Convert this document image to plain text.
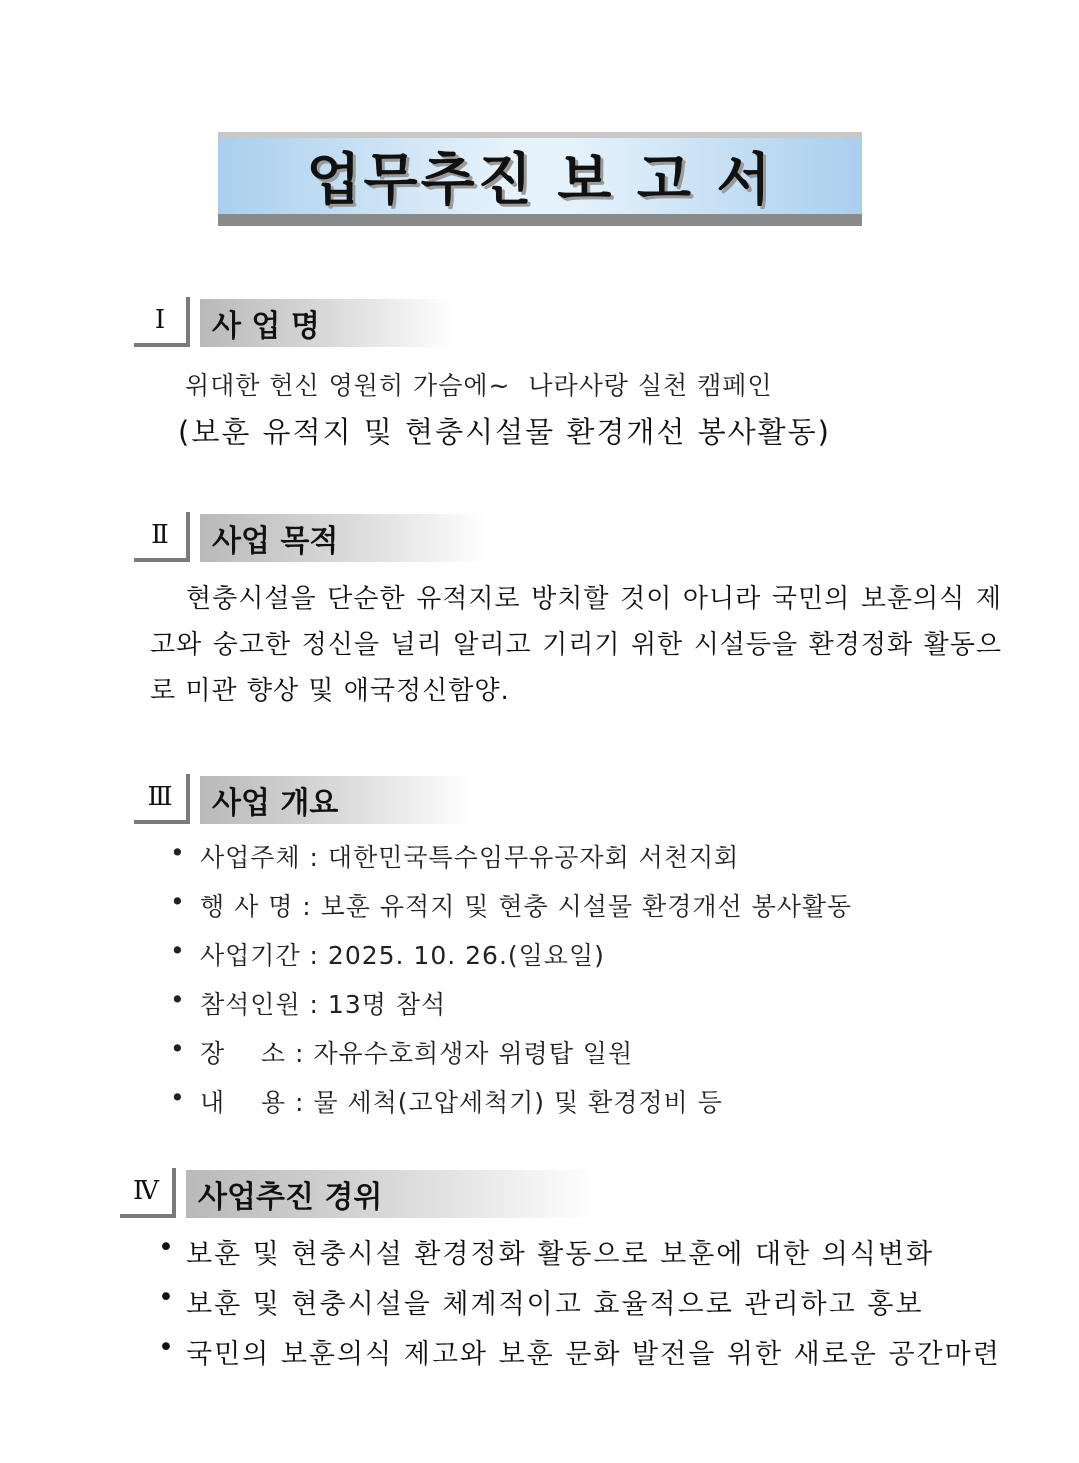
업무추진 보 고 서
Ⅰ	사 업 명
위대한 헌신 영원히 가슴에~  나라사랑 실천 캠페인
(보훈 유적지 및 현충시설물 환경개선 봉사활동)
Ⅱ	사업 목적
현충시설을 단순한 유적지로 방치할 것이 아니라 국민의 보훈의식 제고와 숭고한 정신을 널리 알리고 기리기 위한 시설등을 환경정화 활동으로 미관 향상 및 애국정신함양.
Ⅲ	사업 개요
• 사업주체 : 대한민국특수임무유공자회 서천지회
• 행 사 명 : 보훈 유적지 및 현충 시설물 환경개선 봉사활동
• 사업기간 : 2025. 10. 26.(일요일)
• 참석인원 : 13명 참석
• 장    소 : 자유수호희생자 위령탑 일원
• 내    용 : 물 세척(고압세척기) 및 환경정비 등
Ⅳ	사업추진 경위
• 보훈 및 현충시설 환경정화 활동으로 보훈에 대한 의식변화
• 보훈 및 현충시설을 체계적이고 효율적으로 관리하고 홍보
• 국민의 보훈의식 제고와 보훈 문화 발전을 위한 새로운 공간마련
